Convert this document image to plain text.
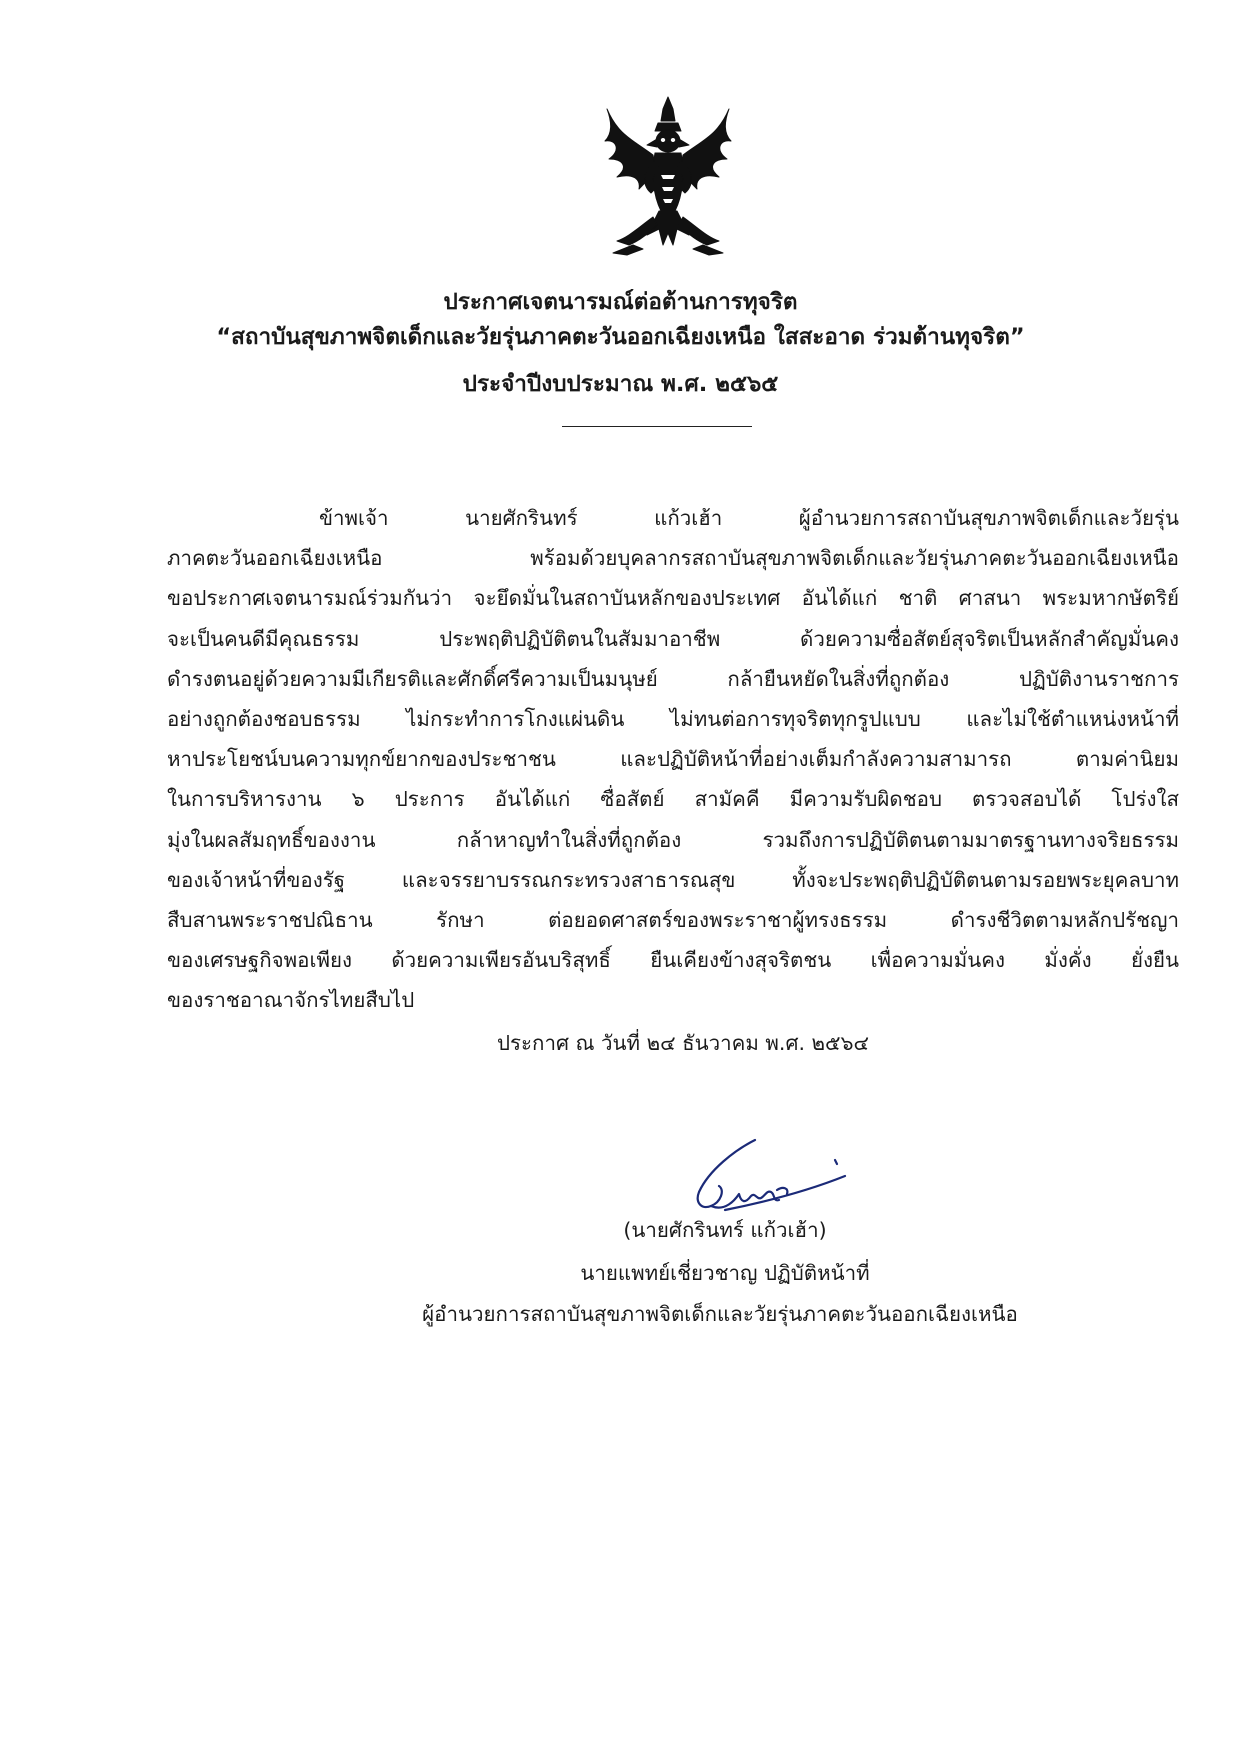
ประกาศเจตนารมณ์ต่อต้านการทุจริต
“สถาบันสุขภาพจิตเด็กและวัยรุ่นภาคตะวันออกเฉียงเหนือ ใสสะอาด ร่วมต้านทุจริต”
ประจำปีงบประมาณ พ.ศ. ๒๕๖๕
ข้าพเจ้า นายศักรินทร์ แก้วเฮ้า ผู้อำนวยการสถาบันสุขภาพจิตเด็กและวัยรุ่น
ภาคตะวันออกเฉียงเหนือ พร้อมด้วยบุคลากรสถาบันสุขภาพจิตเด็กและวัยรุ่นภาคตะวันออกเฉียงเหนือ
ขอประกาศเจตนารมณ์ร่วมกันว่า จะยึดมั่นในสถาบันหลักของประเทศ อันได้แก่ ชาติ ศาสนา พระมหากษัตริย์
จะเป็นคนดีมีคุณธรรม ประพฤติปฏิบัติตนในสัมมาอาชีพ ด้วยความซื่อสัตย์สุจริตเป็นหลักสำคัญมั่นคง
ดำรงตนอยู่ด้วยความมีเกียรติและศักดิ์ศรีความเป็นมนุษย์ กล้ายืนหยัดในสิ่งที่ถูกต้อง ปฏิบัติงานราชการ
อย่างถูกต้องชอบธรรม ไม่กระทำการโกงแผ่นดิน ไม่ทนต่อการทุจริตทุกรูปแบบ และไม่ใช้ตำแหน่งหน้าที่
หาประโยชน์บนความทุกข์ยากของประชาชน และปฏิบัติหน้าที่อย่างเต็มกำลังความสามารถ ตามค่านิยม
ในการบริหารงาน ๖ ประการ อันได้แก่ ซื่อสัตย์ สามัคคี มีความรับผิดชอบ ตรวจสอบได้ โปร่งใส
มุ่งในผลสัมฤทธิ์ของงาน กล้าหาญทำในสิ่งที่ถูกต้อง รวมถึงการปฏิบัติตนตามมาตรฐานทางจริยธรรม
ของเจ้าหน้าที่ของรัฐ และจรรยาบรรณกระทรวงสาธารณสุข ทั้งจะประพฤติปฏิบัติตนตามรอยพระยุคลบาท
สืบสานพระราชปณิธาน รักษา ต่อยอดศาสตร์ของพระราชาผู้ทรงธรรม ดำรงชีวิตตามหลักปรัชญา
ของเศรษฐกิจพอเพียง ด้วยความเพียรอันบริสุทธิ์ ยืนเคียงข้างสุจริตชน เพื่อความมั่นคง มั่งคั่ง ยั่งยืน
ของราชอาณาจักรไทยสืบไป
ประกาศ ณ วันที่ ๒๔ ธันวาคม พ.ศ. ๒๕๖๔
(นายศักรินทร์ แก้วเฮ้า)
นายแพทย์เชี่ยวชาญ ปฏิบัติหน้าที่
ผู้อำนวยการสถาบันสุขภาพจิตเด็กและวัยรุ่นภาคตะวันออกเฉียงเหนือ
